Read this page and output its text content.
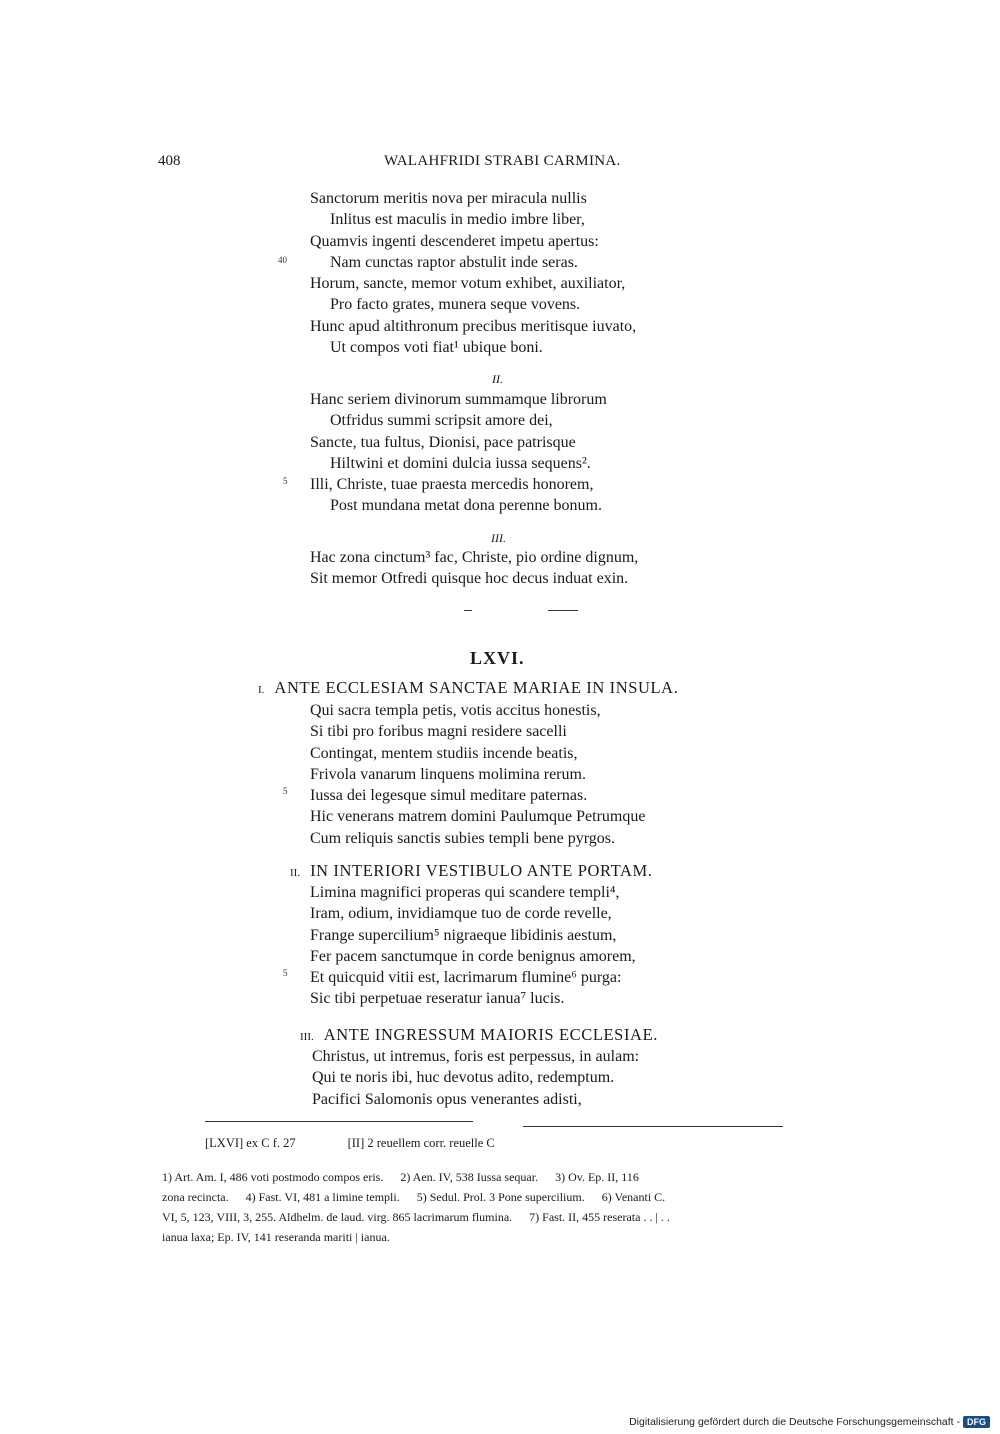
408	WALAHFRIDI STRABI CARMINA.
40
Sanctorum meritis nova per miracula nullis
Inlitus est maculis in medio imbre liber,
Quamvis ingenti descenderet impetu apertus:
Nam cunctas raptor abstulit inde seras.
Horum, sancte, memor votum exhibet, auxiliator,
Pro facto grates, munera seque vovens.
Hunc apud altithronum precibus meritisque iuvato,
Ut compos voti fiat¹ ubique boni.
II.
5
Hanc seriem divinorum summamque librorum
Otfridus summi scripsit amore dei,
Sancte, tua fultus, Dionisi, pace patrisque
Hiltwini et domini dulcia iussa sequens².
Illi, Christe, tuae praesta mercedis honorem,
Post mundana metat dona perenne bonum.
III.
Hac zona cinctum³ fac, Christe, pio ordine dignum,
Sit memor Otfredi quisque hoc decus induat exin.
LXVI.
I. ANTE ECCLESIAM SANCTAE MARIAE IN INSULA.
5
Qui sacra templa petis, votis accitus honestis,
Si tibi pro foribus magni residere sacelli
Contingat, mentem studiis incende beatis,
Frivola vanarum linquens molimina rerum.
Iussa dei legesque simul meditare paternas.
Hic venerans matrem domini Paulumque Petrumque
Cum reliquis sanctis subies templi bene pyrgos.
II. IN INTERIORI VESTIBULO ANTE PORTAM.
5
Limina magnifici properas qui scandere templi⁴,
Iram, odium, invidiamque tuo de corde revelle,
Frange supercilium⁵ nigraeque libidinis aestum,
Fer pacem sanctumque in corde benignus amorem,
Et quicquid vitii est, lacrimarum flumine⁶ purga:
Sic tibi perpetuae reseratur ianua⁷ lucis.
III. ANTE INGRESSUM MAIORIS ECCLESIAE.
Christus, ut intremus, foris est perpessus, in aulam:
Qui te noris ibi, huc devotus adito, redemptum.
Pacifici Salomonis opus venerantes adisti,
[LXVI] ex C f. 27	[II] 2 reuellem corr. reuelle C
1) Art. Am. I, 486 voti postmodo compos eris. 2) Aen. IV, 538 Iussa sequar. 3) Ov. Ep. II, 116
zona recincta. 4) Fast. VI, 481 a limine templi. 5) Sedul. Prol. 3 Pone supercilium. 6) Venanti C.
VI, 5, 123, VIII, 3, 255. Aldhelm. de laud. virg. 865 lacrimarum flumina. 7) Fast. II, 455 reserata . . | . .
ianua laxa; Ep. IV, 141 reseranda mariti | ianua.
Digitalisierung gefördert durch die Deutsche Forschungsgemeinschaft - DFG
